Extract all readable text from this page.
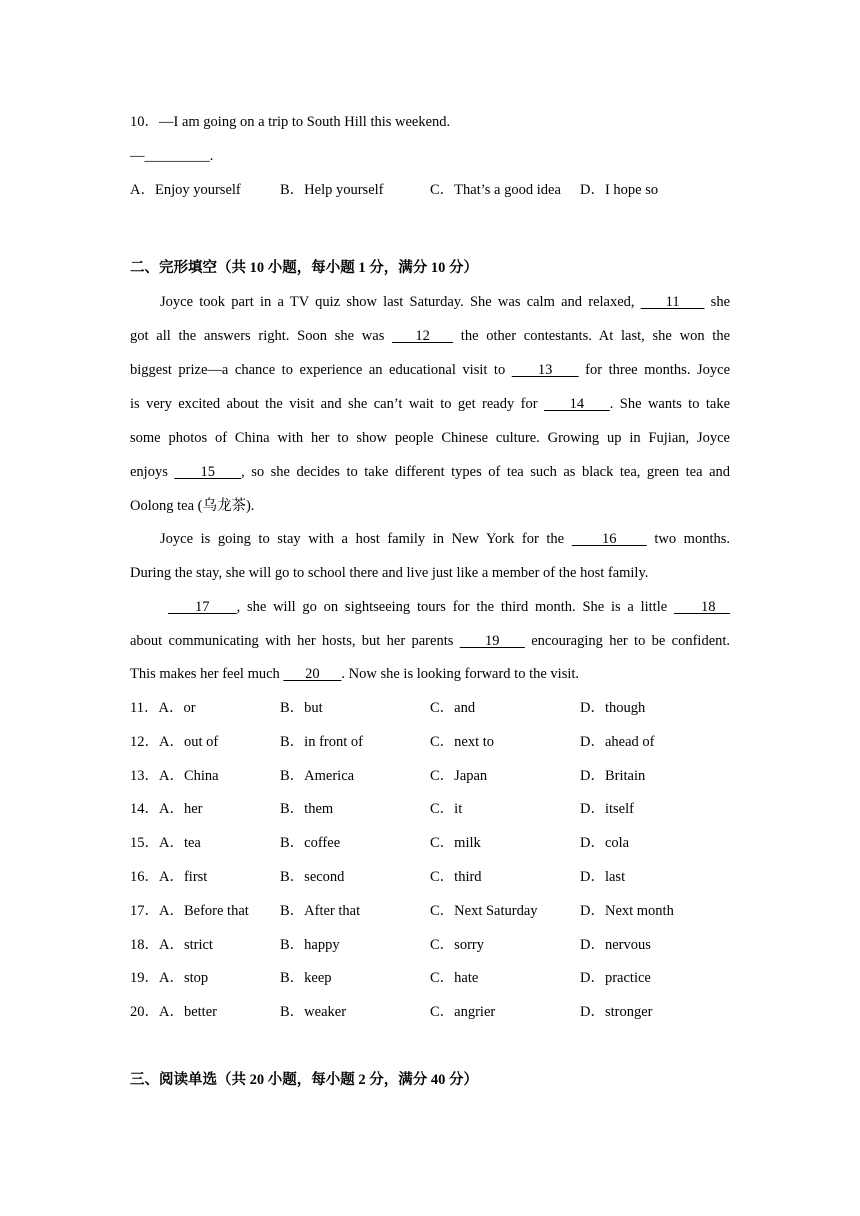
10．—I am going on a trip to South Hill this weekend.
—_________.
A．Enjoy yourself	B．Help yourself	C．That’s a good idea D．I hope so
二、完形填空（共 10 小题，每小题 1 分，满分 10 分）
Joyce took part in a TV quiz show last Saturday. She was calm and relaxed,     11     she
got all the answers right. Soon she was    12    the other contestants. At last, she won the
biggest prize—a chance to experience an educational visit to     13     for three months. Joyce
is very excited about the visit and she can’t wait to get ready for     14    . She wants to take
some photos of China with her to show people Chinese culture. Growing up in Fujian, Joyce
enjoys     15    , so she decides to take different types of tea such as black tea, green tea and
Oolong tea (乌龙茶).
Joyce is going to stay with a host family in New York for the     16     two months.
During the stay, she will go to school there and live just like a member of the host family.
17    , she will go on sightseeing tours for the third month. She is a little     18
about communicating with her hosts, but her parents     19     encouraging her to be confident.
This makes her feel much       20      . Now she is looking forward to the visit.
11．A．or	B．but	C．and	D．though
12．A．out of	B．in front of	C．next to	D．ahead of
13．A．China	B．America	C．Japan	D．Britain
14．A．her	B．them	C．it	D．itself
15．A．tea	B．coffee	C．milk	D．cola
16．A．first	B．second	C．third	D．last
17．A．Before that B．After that	C．Next Saturday	D．Next month
18．A．strict	B．happy	C．sorry	D．nervous
19．A．stop	B．keep	C．hate	D．practice
20．A．better	B．weaker	C．angrier	D．stronger
三、阅读单选（共 20 小题，每小题 2 分，满分 40 分）
